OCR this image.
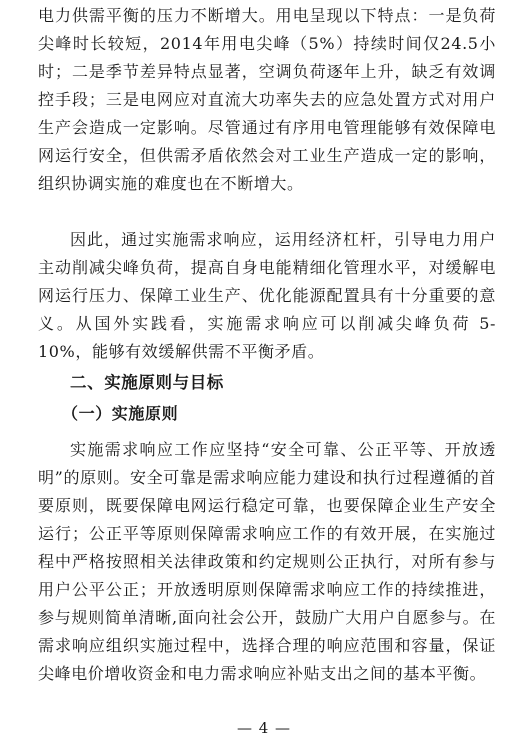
电力供需平衡的压力不断增大。用电呈现以下特点：一是负荷尖峰时长较短，2014年用电尖峰（5%）持续时间仅24.5小时；二是季节差异特点显著，空调负荷逐年上升，缺乏有效调控手段；三是电网应对直流大功率失去的应急处置方式对用户生产会造成一定影响。尽管通过有序用电管理能够有效保障电网运行安全，但供需矛盾依然会对工业生产造成一定的影响，组织协调实施的难度也在不断增大。

因此，通过实施需求响应，运用经济杠杆，引导电力用户主动削减尖峰负荷，提高自身电能精细化管理水平，对缓解电网运行压力、保障工业生产、优化能源配置具有十分重要的意义。从国外实践看，实施需求响应可以削减尖峰负荷 5-10%，能够有效缓解供需不平衡矛盾。

二、实施原则与目标
（一）实施原则

实施需求响应工作应坚持“安全可靠、公正平等、开放透明”的原则。安全可靠是需求响应能力建设和执行过程遵循的首要原则，既要保障电网运行稳定可靠，也要保障企业生产安全运行；公正平等原则保障需求响应工作的有效开展，在实施过程中严格按照相关法律政策和约定规则公正执行，对所有参与用户公平公正；开放透明原则保障需求响应工作的持续推进，参与规则简单清晰,面向社会公开，鼓励广大用户自愿参与。在需求响应组织实施过程中，选择合理的响应范围和容量，保证尖峰电价增收资金和电力需求响应补贴支出之间的基本平衡。

— 4 —
